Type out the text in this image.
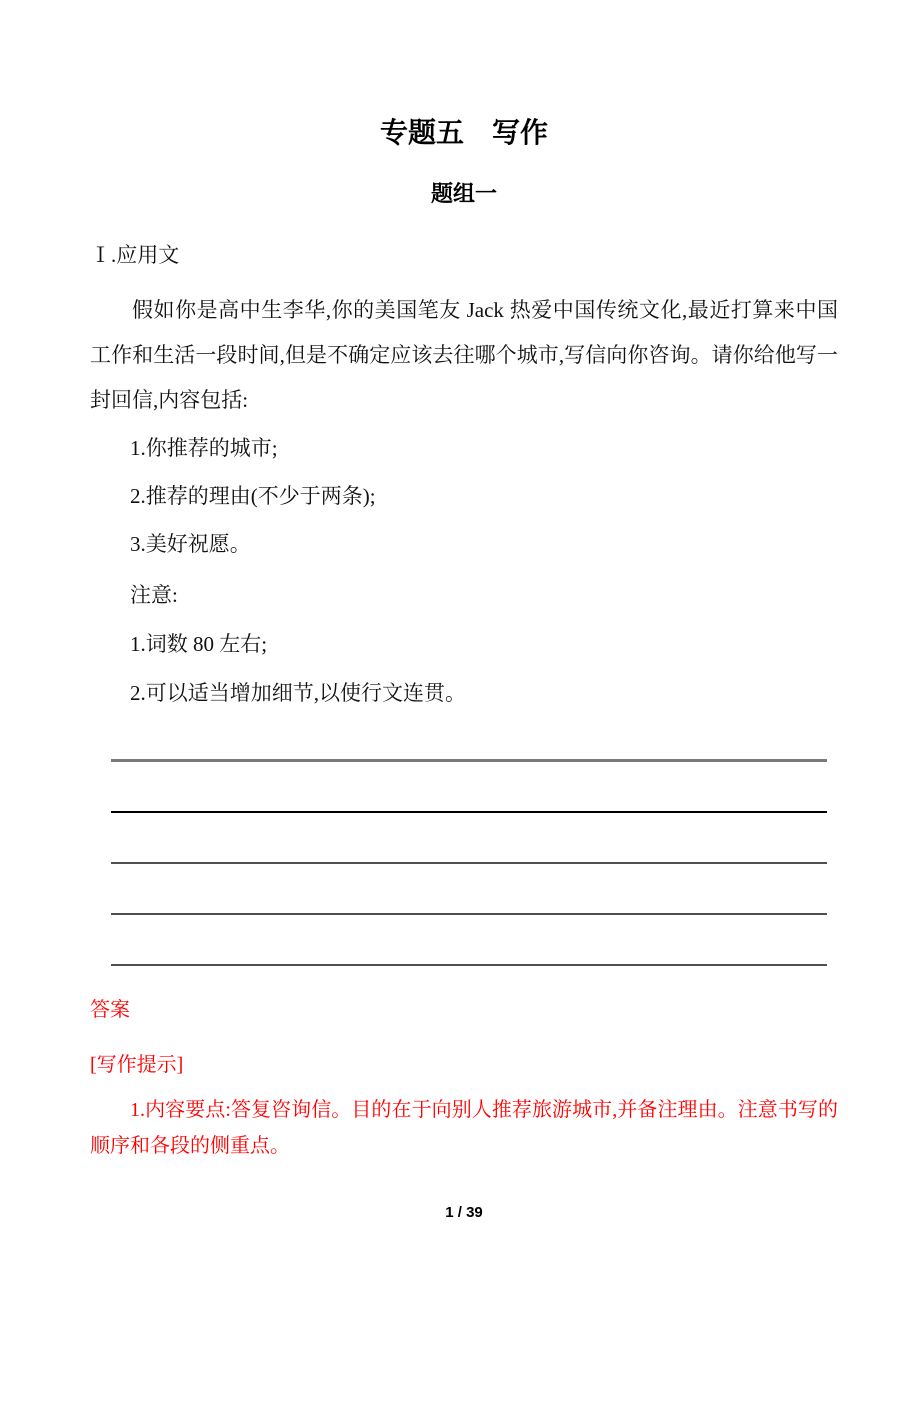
专题五　写作
题组一

Ⅰ.应用文

假如你是高中生李华,你的美国笔友 Jack 热爱中国传统文化,最近打算来中国工作和生活一段时间,但是不确定应该去往哪个城市,写信向你咨询。请你给他写一封回信,内容包括:

1.你推荐的城市;

2.推荐的理由(不少于两条);

3.美好祝愿。

注意:

1.词数 80 左右;

2.可以适当增加细节,以使行文连贯。

答案

[写作提示]

1.内容要点:答复咨询信。目的在于向别人推荐旅游城市,并备注理由。注意书写的顺序和各段的侧重点。

1 / 39
